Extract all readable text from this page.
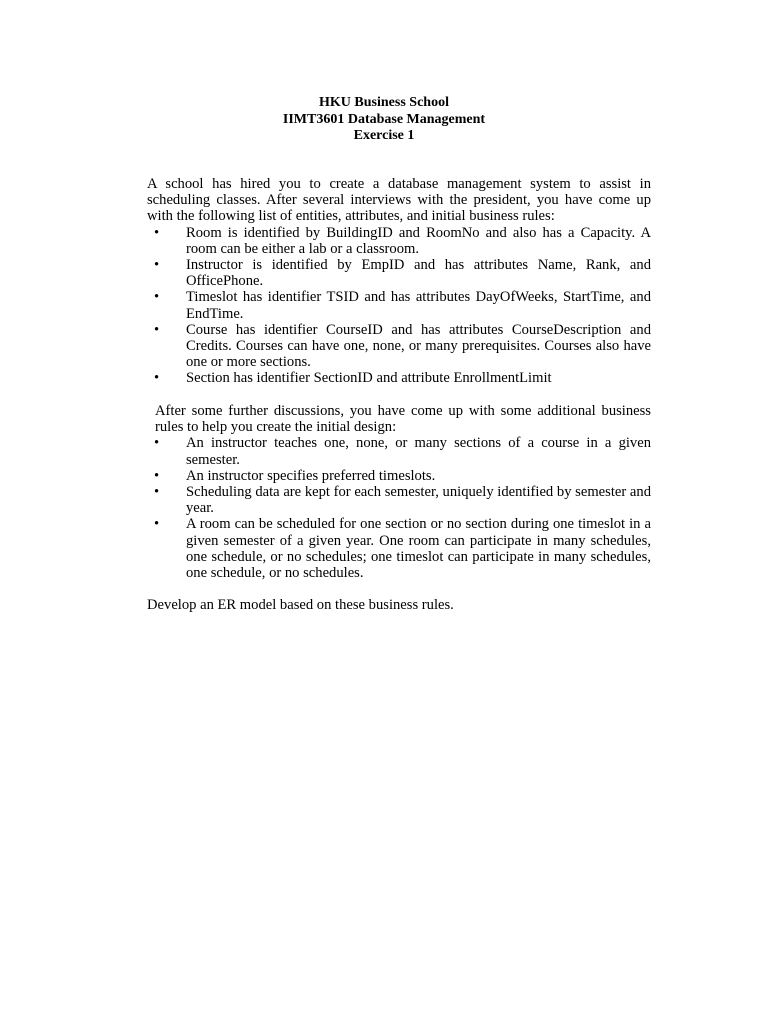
HKU Business School
IIMT3601 Database Management
Exercise 1

A school has hired you to create a database management system to assist in scheduling classes. After several interviews with the president, you have come up with the following list of entities, attributes, and initial business rules:

• Room is identified by BuildingID and RoomNo and also has a Capacity. A room can be either a lab or a classroom.
• Instructor is identified by EmpID and has attributes Name, Rank, and OfficePhone.
• Timeslot has identifier TSID and has attributes DayOfWeeks, StartTime, and EndTime.
• Course has identifier CourseID and has attributes CourseDescription and Credits. Courses can have one, none, or many prerequisites. Courses also have one or more sections.
• Section has identifier SectionID and attribute EnrollmentLimit

After some further discussions, you have come up with some additional business rules to help you create the initial design:

• An instructor teaches one, none, or many sections of a course in a given semester.
• An instructor specifies preferred timeslots.
• Scheduling data are kept for each semester, uniquely identified by semester and year.
• A room can be scheduled for one section or no section during one timeslot in a given semester of a given year. One room can participate in many schedules, one schedule, or no schedules; one timeslot can participate in many schedules, one schedule, or no schedules.

Develop an ER model based on these business rules.
